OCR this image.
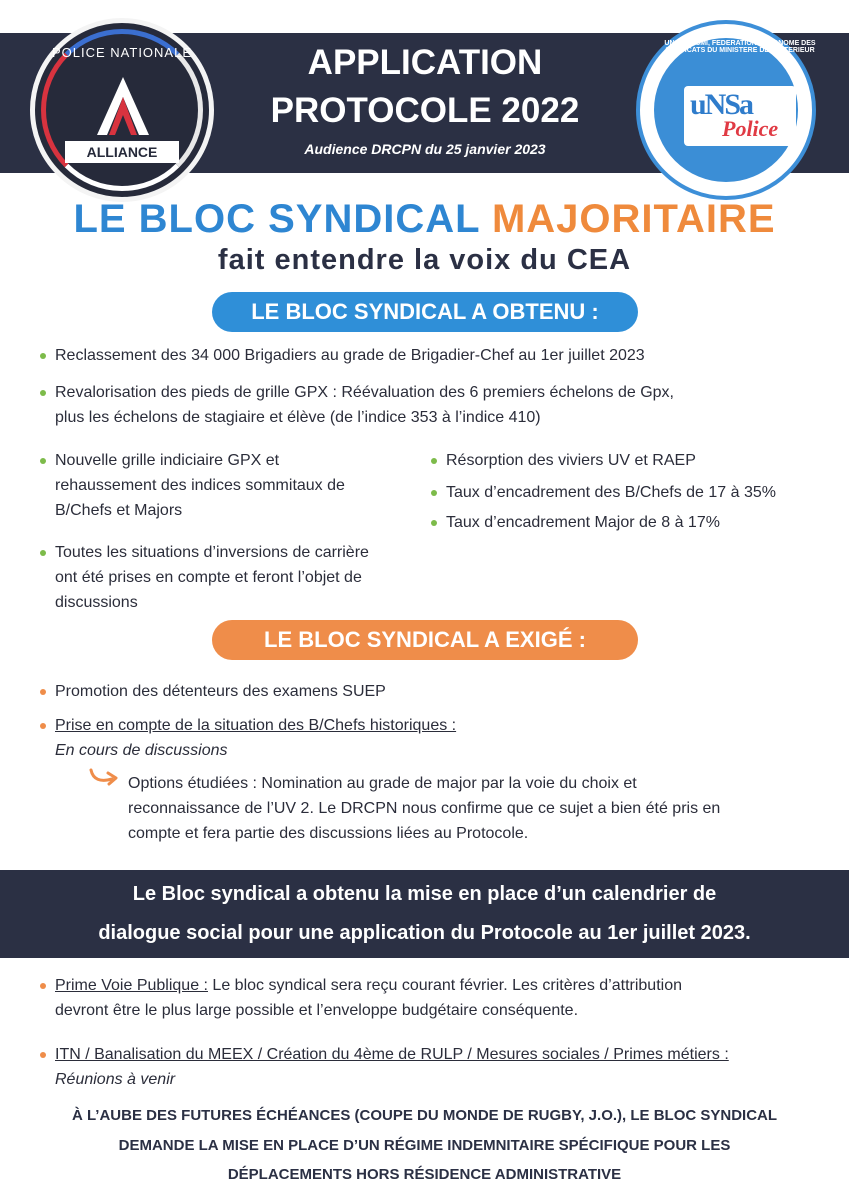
POLICE NATIONALE
ALLIANCE
APPLICATION
PROTOCOLE 2022
Audience DRCPN du 25 janvier 2023
UNSA-FASMI, FEDERATION AUTONOME DES SYNDICATS DU MINISTERE DE L'INTERIEUR
uNSa
Police
LE BLOC SYNDICAL MAJORITAIRE
fait entendre la voix du CEA
LE BLOC SYNDICAL A OBTENU :
Reclassement des 34 000 Brigadiers au grade de Brigadier-Chef au 1er juillet 2023
Revalorisation des pieds de grille GPX : Réévaluation des 6 premiers échelons de Gpx,
plus les échelons de stagiaire et élève (de l’indice 353 à l’indice 410)
Nouvelle grille indiciaire GPX et
rehaussement des indices sommitaux de
B/Chefs et Majors
Toutes les situations d’inversions de carrière
ont été prises en compte et feront l’objet de
discussions
Résorption des viviers UV et RAEP
Taux d’encadrement des B/Chefs de 17 à 35%
Taux d’encadrement Major de 8 à 17%
LE BLOC SYNDICAL A EXIGÉ :
Promotion des détenteurs des examens SUEP
Prise en compte de la situation des B/Chefs historiques :
En cours de discussions
Options étudiées : Nomination au grade de major par la voie du choix et
reconnaissance de l’UV 2. Le DRCPN nous confirme que ce sujet a bien été pris en
compte et fera partie des discussions liées au Protocole.
Le Bloc syndical a obtenu la mise en place d’un calendrier de
dialogue social pour une application du Protocole au 1er juillet 2023.
Prime Voie Publique : Le bloc syndical sera reçu courant février. Les critères d’attribution
devront être le plus large possible et l’enveloppe budgétaire conséquente.
ITN / Banalisation du MEEX / Création du 4ème de RULP / Mesures sociales / Primes métiers :
Réunions à venir
À L’AUBE DES FUTURES ÉCHÉANCES (COUPE DU MONDE DE RUGBY, J.O.), LE BLOC SYNDICAL
DEMANDE LA MISE EN PLACE D’UN RÉGIME INDEMNITAIRE SPÉCIFIQUE POUR LES
DÉPLACEMENTS HORS RÉSIDENCE ADMINISTRATIVE
